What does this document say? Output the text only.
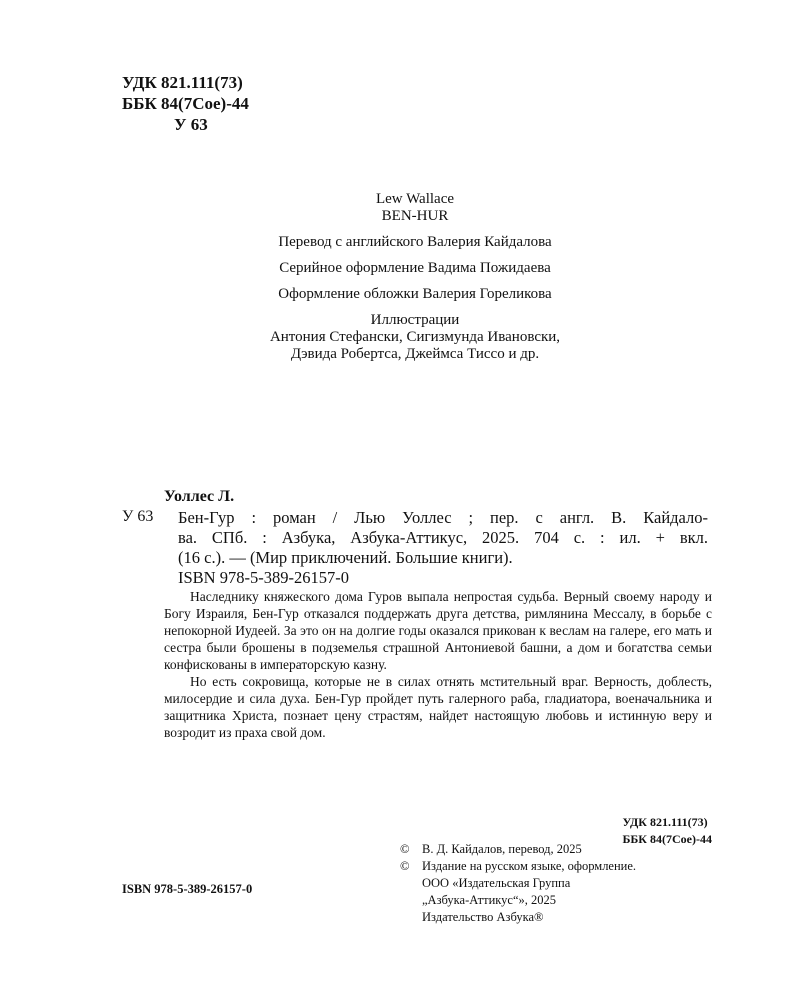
УДК 821.111(73)
ББК 84(7Сое)-44
У 63
Lew Wallace
BEN-HUR
Перевод с английского Валерия Кайдалова
Серийное оформление Вадима Пожидаева
Оформление обложки Валерия Гореликова
Иллюстрации
Антония Стефански, Сигизмунда Ивановски,
Дэвида Робертса, Джеймса Тиссо и др.
Уоллес Л.
У 63 Бен-Гур : роман / Лью Уоллес ; пер. с англ. В. Кайдало-
ва. СПб. : Азбука, Азбука-Аттикус, 2025. 704 с. : ил. + вкл.
(16 с.). — (Мир приключений. Большие книги).
ISBN 978-5-389-26157-0

Наследнику княжеского дома Гуров выпала непростая судьба. Верный своему народу и Богу Израиля, Бен-Гур отказался поддержать друга детства, римлянина Мессалу, в борьбе с непокорной Иудеей. За это он на долгие годы оказался прикован к веслам на галере, его мать и сестра были брошены в подземелья страшной Антониевой башни, а дом и богатства семьи конфискованы в императорскую казну.

Но есть сокровища, которые не в силах отнять мстительный враг. Верность, доблесть, милосердие и сила духа. Бен-Гур пройдет путь галерного раба, гладиатора, военачальника и защитника Христа, познает цену страстям, найдет настоящую любовь и истинную веру и возродит из праха свой дом.

УДК 821.111(73)
ББК 84(7Сое)-44
© В. Д. Кайдалов, перевод, 2025
© Издание на русском языке, оформление.
ООО «Издательская Группа
„Азбука-Аттикус“», 2025
Издательство Азбука®
ISBN 978-5-389-26157-0
